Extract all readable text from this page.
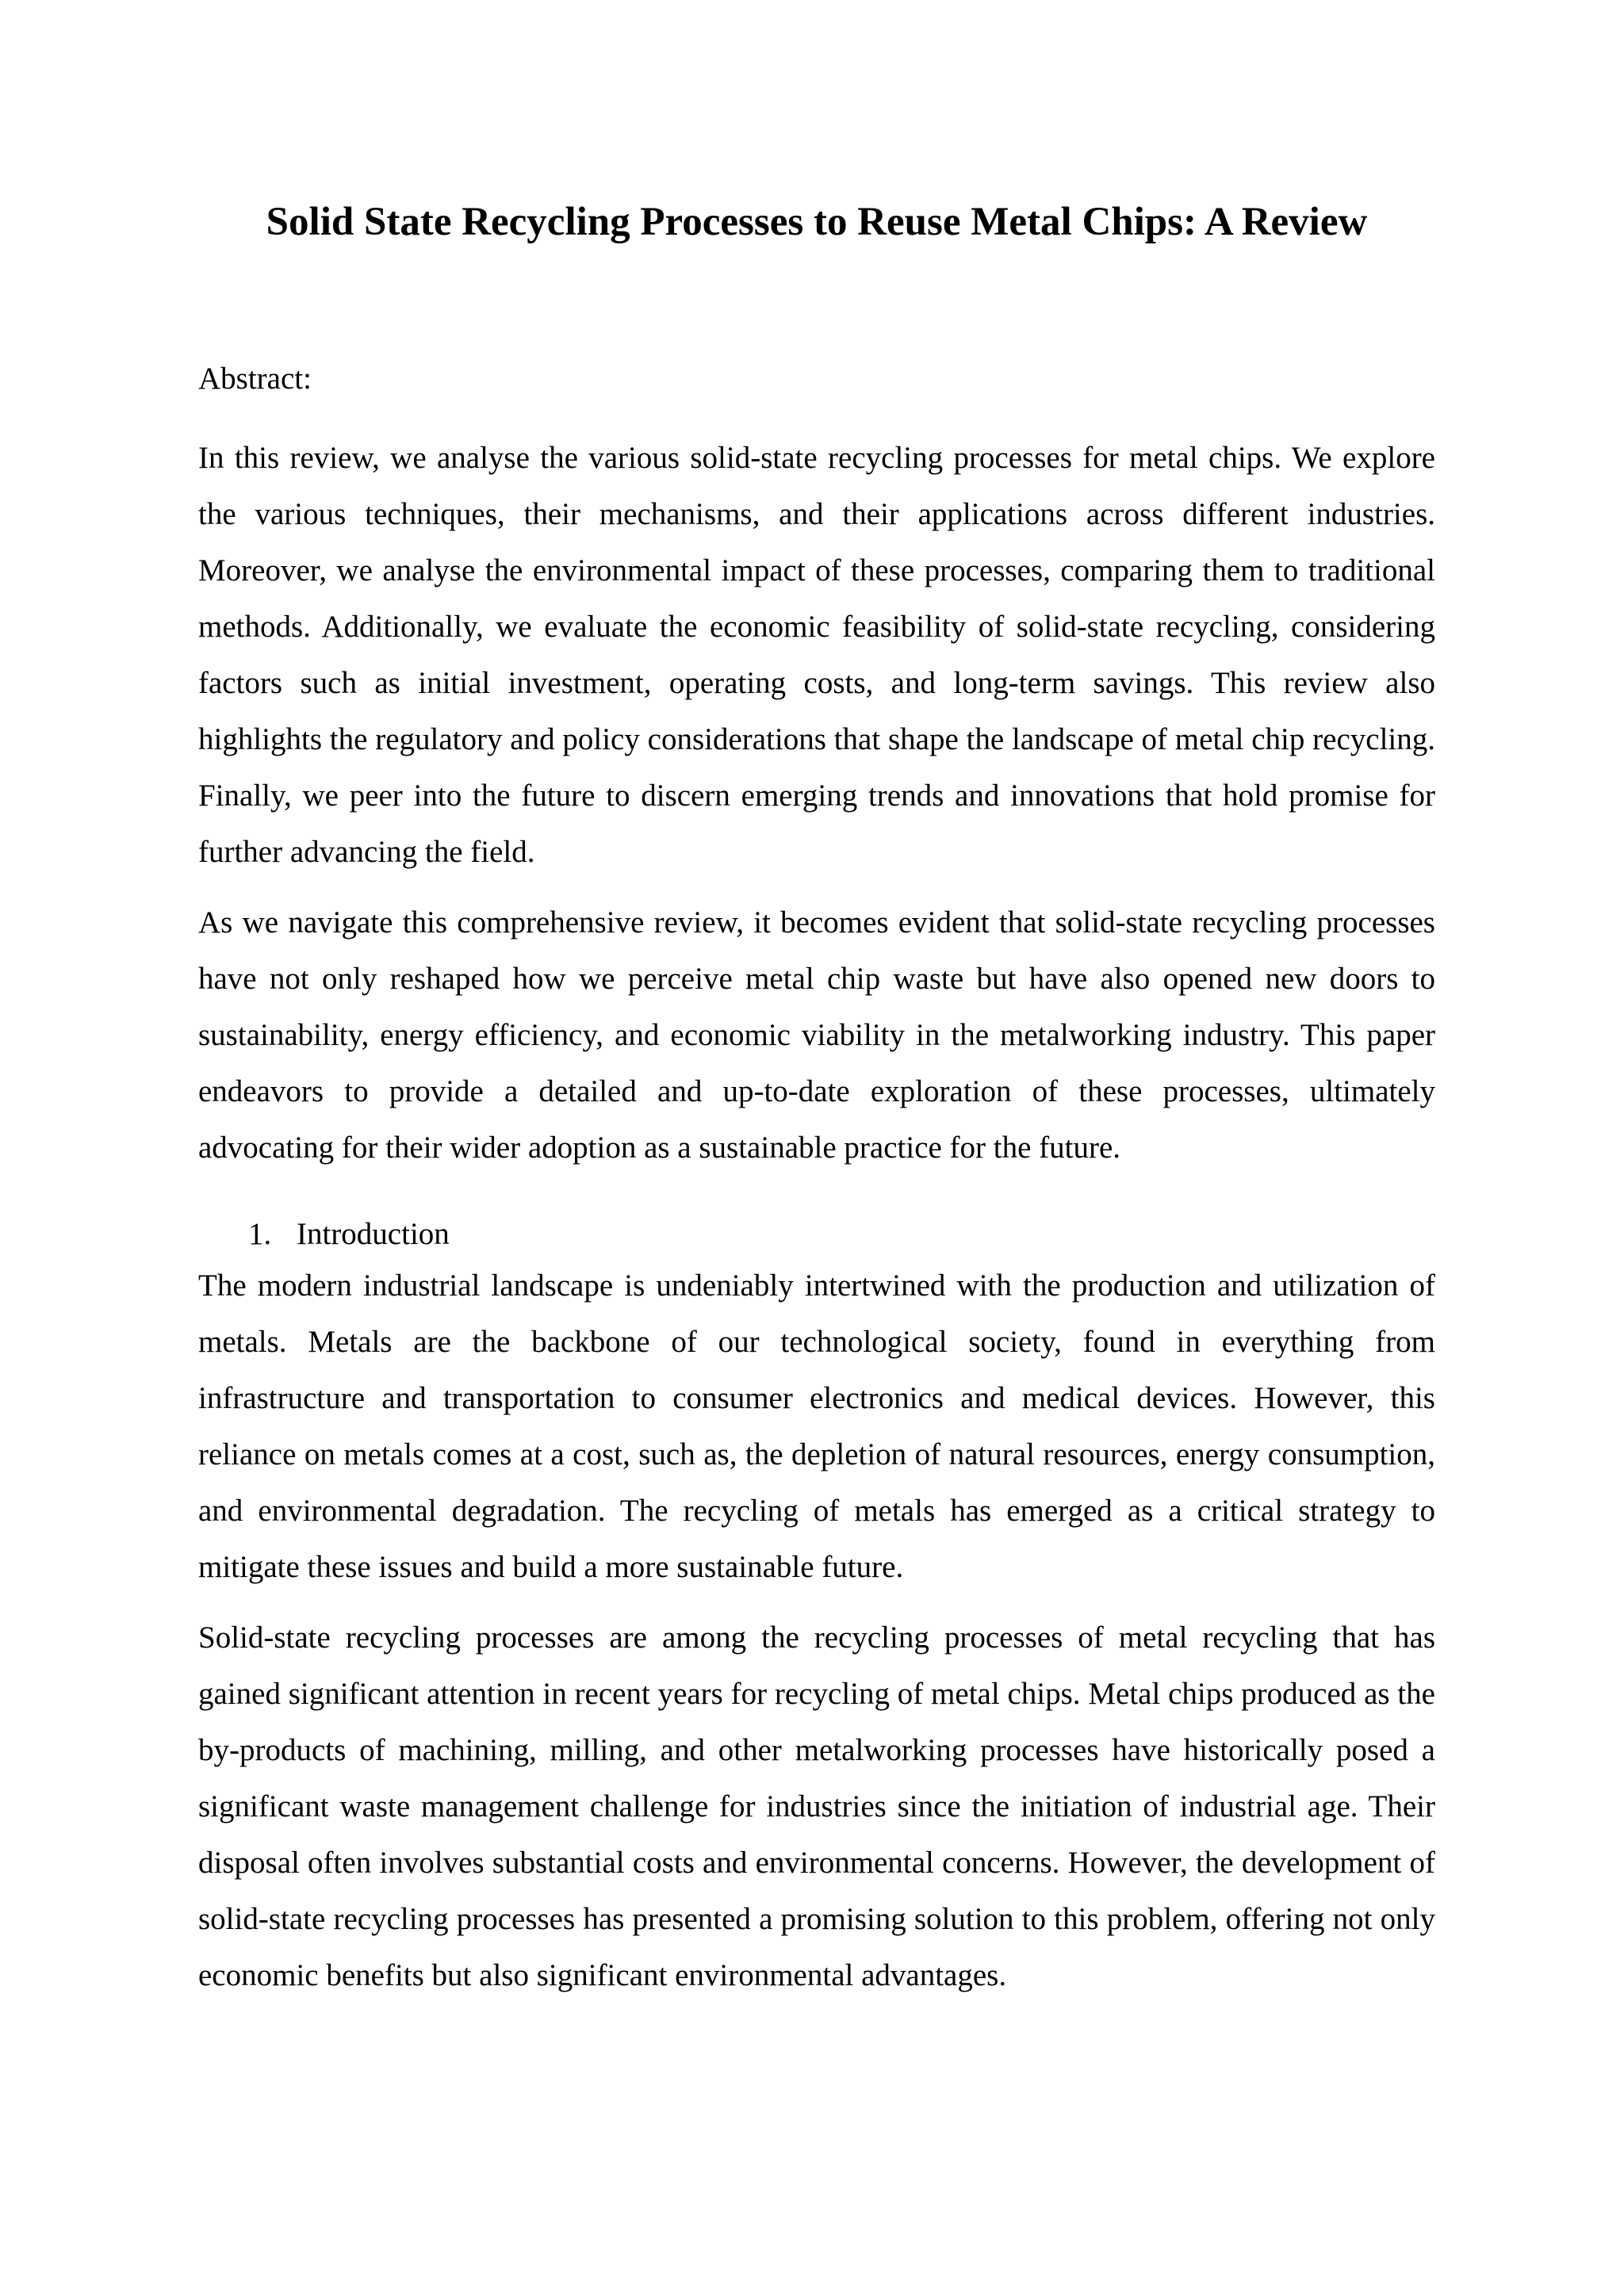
Solid State Recycling Processes to Reuse Metal Chips: A Review

Abstract:

In this review, we analyse the various solid-state recycling processes for metal chips. We explore the various techniques, their mechanisms, and their applications across different industries. Moreover, we analyse the environmental impact of these processes, comparing them to traditional methods. Additionally, we evaluate the economic feasibility of solid-state recycling, considering factors such as initial investment, operating costs, and long-term savings. This review also highlights the regulatory and policy considerations that shape the landscape of metal chip recycling. Finally, we peer into the future to discern emerging trends and innovations that hold promise for further advancing the field.

As we navigate this comprehensive review, it becomes evident that solid-state recycling processes have not only reshaped how we perceive metal chip waste but have also opened new doors to sustainability, energy efficiency, and economic viability in the metalworking industry. This paper endeavors to provide a detailed and up-to-date exploration of these processes, ultimately advocating for their wider adoption as a sustainable practice for the future.

1. Introduction

The modern industrial landscape is undeniably intertwined with the production and utilization of metals. Metals are the backbone of our technological society, found in everything from infrastructure and transportation to consumer electronics and medical devices. However, this reliance on metals comes at a cost, such as, the depletion of natural resources, energy consumption, and environmental degradation. The recycling of metals has emerged as a critical strategy to mitigate these issues and build a more sustainable future.

Solid-state recycling processes are among the recycling processes of metal recycling that has gained significant attention in recent years for recycling of metal chips. Metal chips produced as the by-products of machining, milling, and other metalworking processes have historically posed a significant waste management challenge for industries since the initiation of industrial age. Their disposal often involves substantial costs and environmental concerns. However, the development of solid-state recycling processes has presented a promising solution to this problem, offering not only economic benefits but also significant environmental advantages.
